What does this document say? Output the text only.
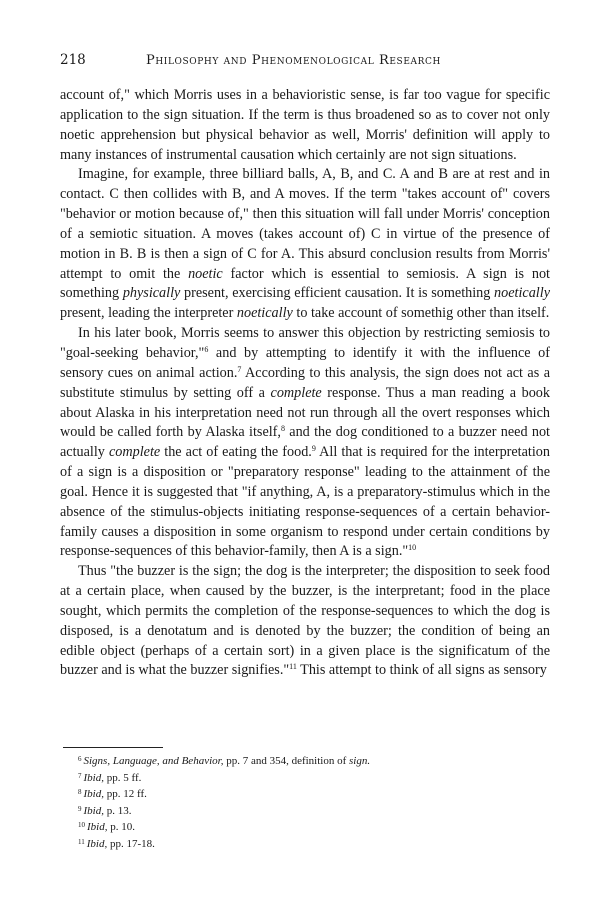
218	Philosophy and Phenomenological Research

account of," which Morris uses in a behavioristic sense, is far too vague for specific application to the sign situation. If the term is thus broadened so as to cover not only noetic apprehension but physical behavior as well, Morris' definition will apply to many instances of instrumental causation which certainly are not sign situations.

Imagine, for example, three billiard balls, A, B, and C. A and B are at rest and in contact. C then collides with B, and A moves. If the term "takes account of" covers "behavior or motion because of," then this situation will fall under Morris' conception of a semiotic situation. A moves (takes account of) C in virtue of the presence of motion in B. B is then a sign of C for A. This absurd conclusion results from Morris' attempt to omit the noetic factor which is essential to semiosis. A sign is not something physically present, exercising efficient causation. It is something noetically present, leading the interpreter noetically to take account of somethig other than itself.

In his later book, Morris seems to answer this objection by restricting semiosis to "goal-seeking behavior,"$^6$ and by attempting to identify it with the influence of sensory cues on animal action.$^7$ According to this analysis, the sign does not act as a substitute stimulus by setting off a complete response. Thus a man reading a book about Alaska in his interpretation need not run through all the overt responses which would be called forth by Alaska itself,$^8$ and the dog conditioned to a buzzer need not actually complete the act of eating the food.$^9$ All that is required for the interpretation of a sign is a disposition or "preparatory response" leading to the attainment of the goal. Hence it is suggested that "if anything, A, is a preparatory-stimulus which in the absence of the stimulus-objects initiating response-sequences of a certain behavior-family causes a disposition in some organism to respond under certain conditions by response-sequences of this behavior-family, then A is a sign."$^{10}$

Thus "the buzzer is the sign; the dog is the interpreter; the disposition to seek food at a certain place, when caused by the buzzer, is the interpretant; food in the place sought, which permits the completion of the response-sequences to which the dog is disposed, is a denotatum and is denoted by the buzzer; the condition of being an edible object (perhaps of a certain sort) in a given place is the significatum of the buzzer and is what the buzzer signifies."$^{11}$ This attempt to think of all signs as sensory

$^6$ Signs, Language, and Behavior, pp. 7 and 354, definition of sign.
$^7$ Ibid, pp. 5 ff.
$^8$ Ibid, pp. 12 ff.
$^9$ Ibid, p. 13.
$^{10}$ Ibid, p. 10.
$^{11}$ Ibid, pp. 17-18.
